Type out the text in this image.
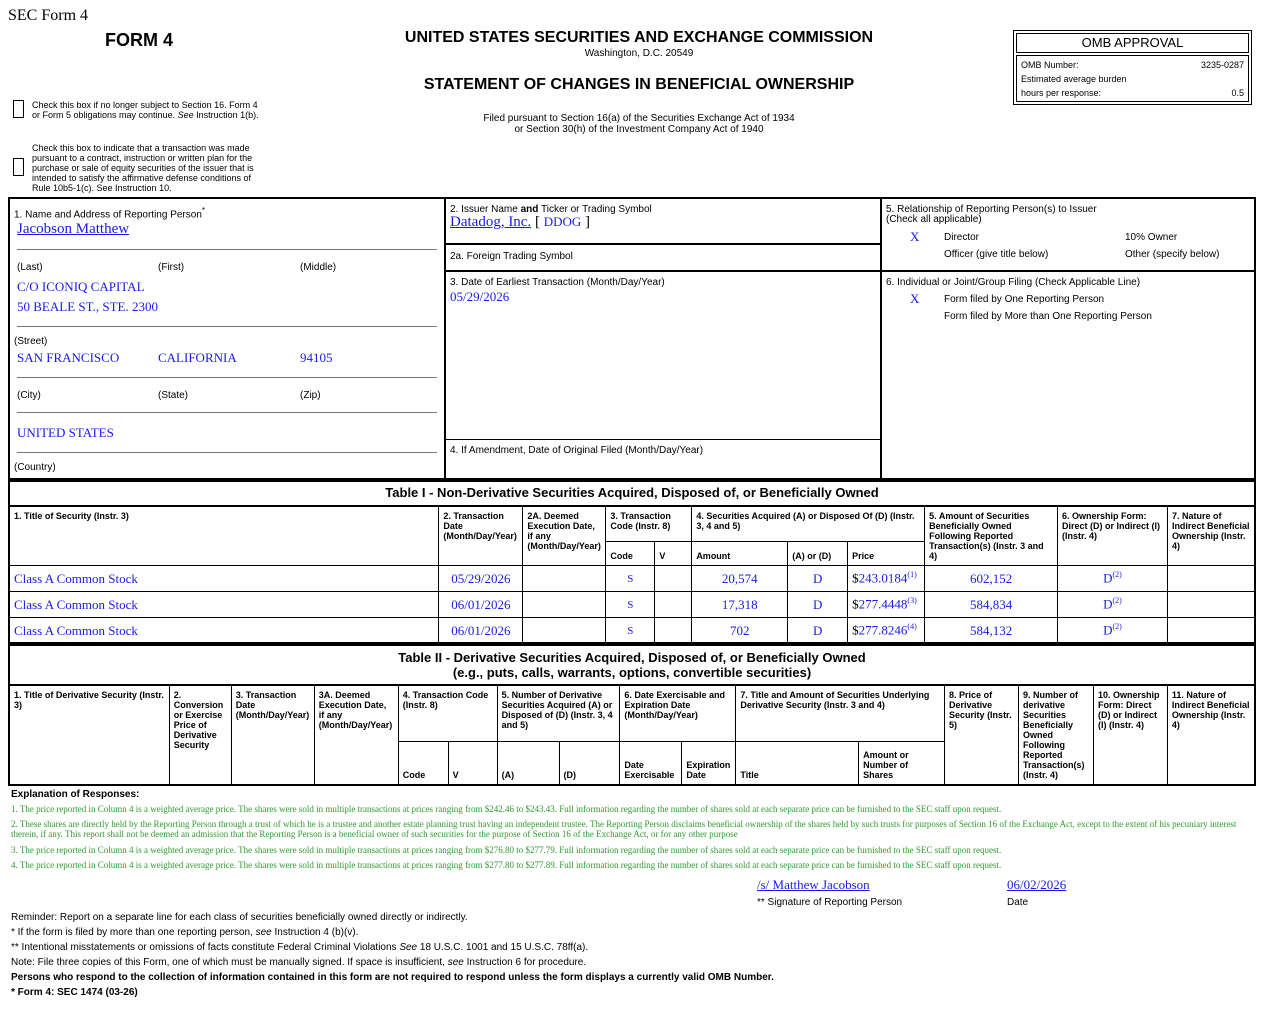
SEC Form 4
FORM 4	UNITED STATES SECURITIES AND EXCHANGE COMMISSION
Washington, D.C. 20549
STATEMENT OF CHANGES IN BENEFICIAL OWNERSHIP
Filed pursuant to Section 16(a) of the Securities Exchange Act of 1934
or Section 30(h) of the Investment Company Act of 1940
Check this box if no longer subject to Section 16. Form 4 or Form 5 obligations may continue. See Instruction 1(b).
Check this box to indicate that a transaction was made pursuant to a contract, instruction or written plan for the purchase or sale of equity securities of the issuer that is intended to satisfy the affirmative defense conditions of Rule 10b5-1(c). See Instruction 10.
OMB APPROVAL
OMB Number:	3235-0287
Estimated average burden
hours per response:	0.5
1. Name and Address of Reporting Person*
Jacobson Matthew
(Last)	(First)	(Middle)
C/O ICONIQ CAPITAL
50 BEALE ST., STE. 2300
(Street)
SAN FRANCISCO	CALIFORNIA	94105
(City)	(State)	(Zip)
UNITED STATES
(Country)
2. Issuer Name and Ticker or Trading Symbol
Datadog, Inc. [ DDOG ]
2a. Foreign Trading Symbol
3. Date of Earliest Transaction (Month/Day/Year)
05/29/2026
4. If Amendment, Date of Original Filed (Month/Day/Year)
5. Relationship of Reporting Person(s) to Issuer
(Check all applicable)
X Director	10% Owner
Officer (give title below)	Other (specify below)
6. Individual or Joint/Group Filing (Check Applicable Line)
X Form filed by One Reporting Person
Form filed by More than One Reporting Person
Table I - Non-Derivative Securities Acquired, Disposed of, or Beneficially Owned
1. Title of Security (Instr. 3)	2. Transaction Date (Month/Day/Year)	2A. Deemed Execution Date, if any (Month/Day/Year)	3. Transaction Code (Instr. 8)		4. Securities Acquired (A) or Disposed Of (D) (Instr. 3, 4 and 5)			5. Amount of Securities Beneficially Owned Following Reported Transaction(s) (Instr. 3 and 4)	6. Ownership Form: Direct (D) or Indirect (I) (Instr. 4)	7. Nature of Indirect Beneficial Ownership (Instr. 4)
			Code	V	Amount	(A) or (D)	Price			
Class A Common Stock	05/29/2026		S		20,574	D	$243.0184$^{(1)}$	602,152	$D^{(2)}$	
Class A Common Stock	06/01/2026		S		17,318	D	$277.4448$^{(3)}$	584,834	$D^{(2)}$	
Class A Common Stock	06/01/2026		S		702	D	$277.8246$^{(4)}$	584,132	$D^{(2)}$	
Table II - Derivative Securities Acquired, Disposed of, or Beneficially Owned
(e.g., puts, calls, warrants, options, convertible securities)
1. Title of Derivative Security (Instr. 3)	2. Conversion or Exercise Price of Derivative Security	3. Transaction Date (Month/Day/Year)	3A. Deemed Execution Date, if any (Month/Day/Year)	4. Transaction Code (Instr. 8)		5. Number of Derivative Securities Acquired (A) or Disposed of (D) (Instr. 3, 4 and 5)		6. Date Exercisable and Expiration Date (Month/Day/Year)		7. Title and Amount of Securities Underlying Derivative Security (Instr. 3 and 4)		8. Price of Derivative Security (Instr. 5)	9. Number of derivative Securities Beneficially Owned Following Reported Transaction(s) (Instr. 4)	10. Ownership Form: Direct (D) or Indirect (I) (Instr. 4)	11. Nature of Indirect Beneficial Ownership (Instr. 4)
				Code	V	(A)	(D)	Date Exercisable	Expiration Date	Title	Amount or Number of Shares				
Explanation of Responses:
1. The price reported in Column 4 is a weighted average price. The shares were sold in multiple transactions at prices ranging from $242.46 to $243.43. Full information regarding the number of shares sold at each separate price can be furnished to the SEC staff upon request.
2. These shares are directly held by the Reporting Person through a trust of which he is a trustee and another estate planning trust having an independent trustee. The Reporting Person disclaims beneficial ownership of the shares held by such trusts for purposes of Section 16 of the Exchange Act, except to the extent of his pecuniary interest therein, if any. This report shall not be deemed an admission that the Reporting Person is a beneficial owner of such securities for the purpose of Section 16 of the Exchange Act, or for any other purpose
3. The price reported in Column 4 is a weighted average price. The shares were sold in multiple transactions at prices ranging from $276.80 to $277.79. Full information regarding the number of shares sold at each separate price can be furnished to the SEC staff upon request.
4. The price reported in Column 4 is a weighted average price. The shares were sold in multiple transactions at prices ranging from $277.80 to $277.89. Full information regarding the number of shares sold at each separate price can be furnished to the SEC staff upon request.
/s/ Matthew Jacobson	06/02/2026
** Signature of Reporting Person	Date
Reminder: Report on a separate line for each class of securities beneficially owned directly or indirectly.
* If the form is filed by more than one reporting person, see Instruction 4 (b)(v).
** Intentional misstatements or omissions of facts constitute Federal Criminal Violations See 18 U.S.C. 1001 and 15 U.S.C. 78ff(a).
Note: File three copies of this Form, one of which must be manually signed. If space is insufficient, see Instruction 6 for procedure.
Persons who respond to the collection of information contained in this form are not required to respond unless the form displays a currently valid OMB Number.
* Form 4: SEC 1474 (03-26)
